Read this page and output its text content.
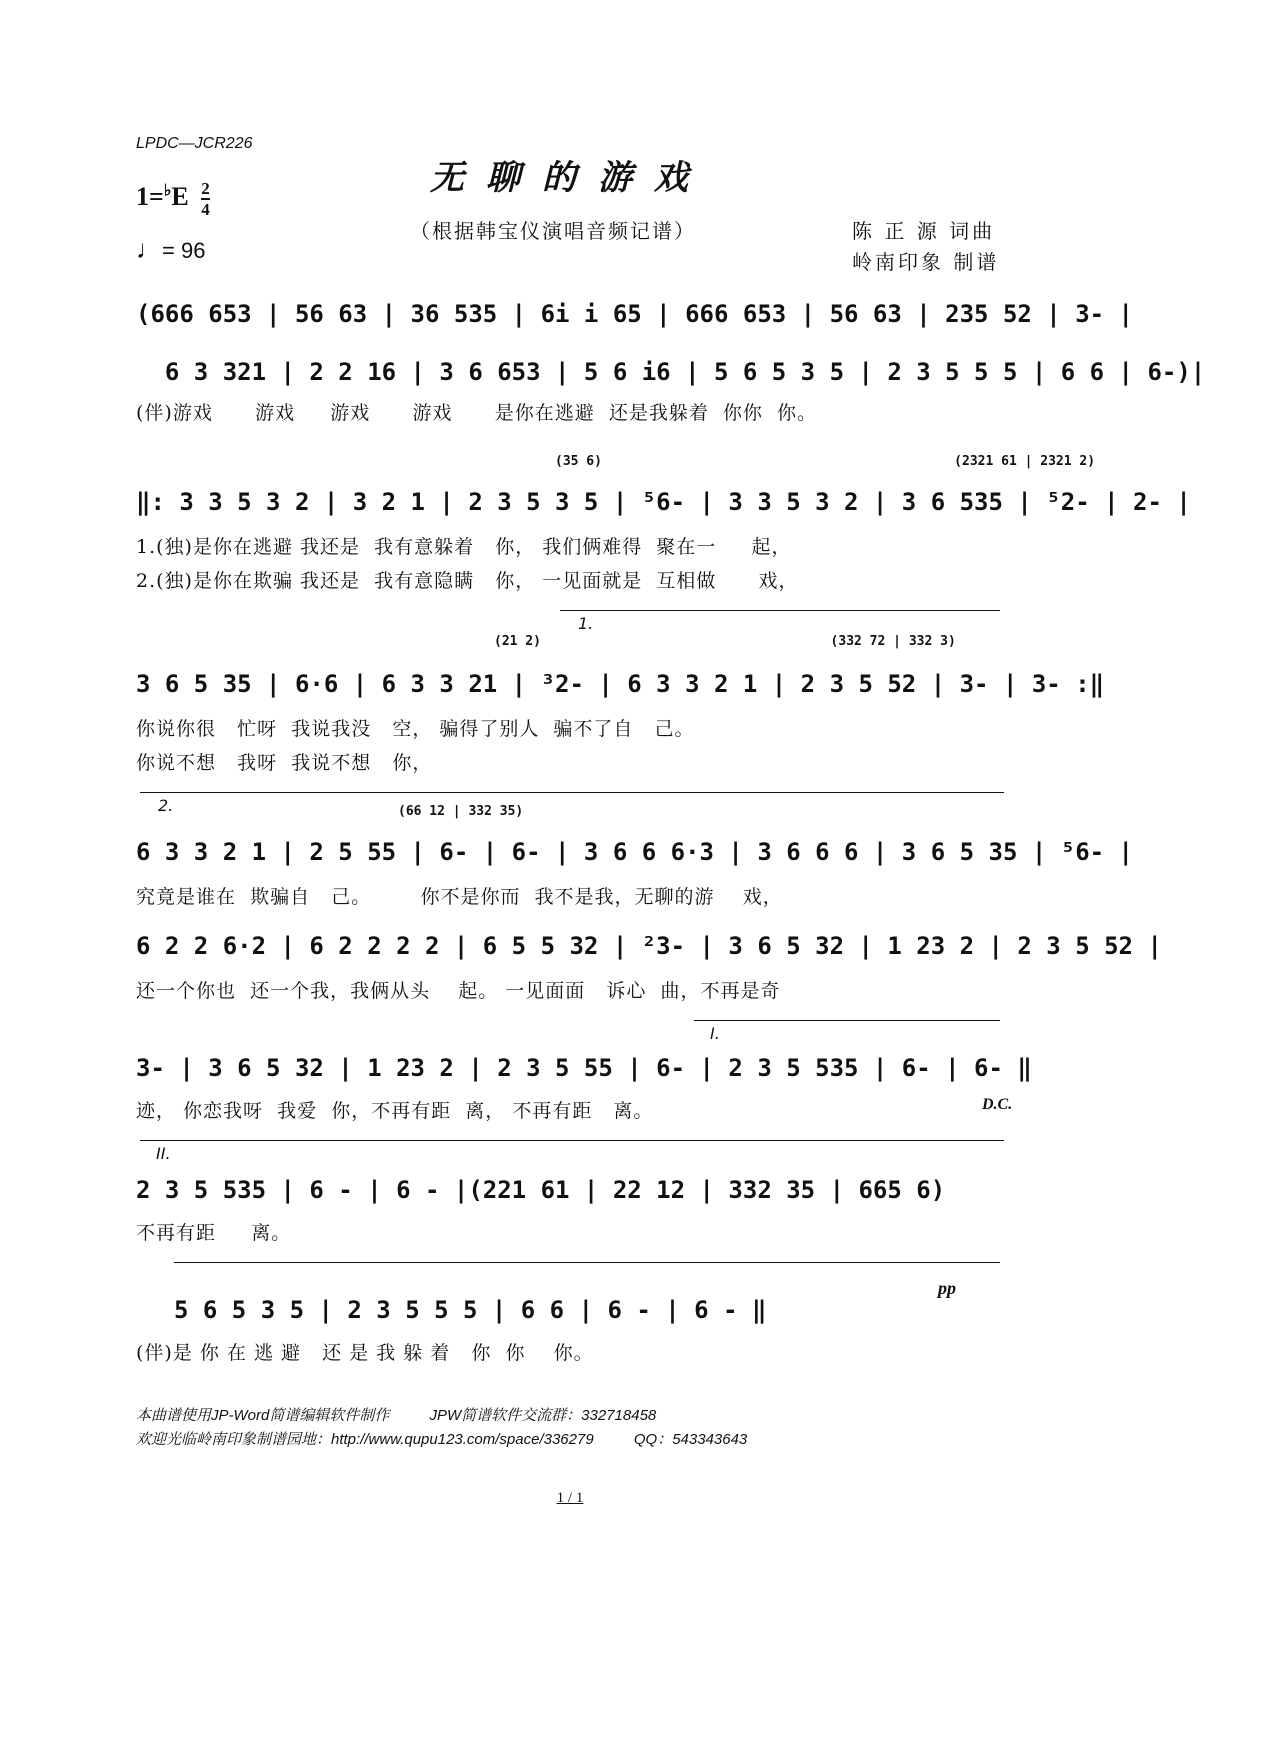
LPDC—JCR226
无聊的游戏
（根据韩宝仪演唱音频记谱）
$1=^♭E \frac{2}{4}$
♩= 96
陈 正 源 词曲
岭南印象 制谱
(666 653 | 56 63 | 36 535 | 6i i 65 | 666 653 | 56 63 | 235 52 | 3- |
6 3 321 | 2 2 16 | 3 6 653 | 5 6 i6 | 5 6 5 3 5 | 2 3 5 5 5 | 6 6 | 6-)|
(伴)游戏      游戏     游戏      游戏      是你在逃避  还是我躲着  你你  你。
(35 6)                                             (2321 61 | 2321 2)
‖: 3 3 5 3 2 | 3 2 1 | 2 3 5 3 5 | ⁵6- | 3 3 5 3 2 | 3 6 535 | ⁵2- | 2- |
1.(独)是你在逃避 我还是  我有意躲着   你， 我们俩难得  聚在一     起，
2.(独)是你在欺骗 我还是  我有意隐瞒   你， 一见面就是  互相做      戏，
1.
(21 2)                                     (332 72 | 332 3)
3 6 5 35 | 6·6 | 6 3 3 21 | ³2- | 6 3 3 2 1 | 2 3 5 52 | 3- | 3- :‖
你说你很   忙呀  我说我没   空， 骗得了别人  骗不了自   己。
你说不想   我呀  我说不想   你，
2.	(66 12 | 332 35)
6 3 3 2 1 | 2 5 55 | 6- | 6- | 3 6 6 6·3 | 3 6 6 6 | 3 6 5 35 | ⁵6- |
究竟是谁在  欺骗自   己。       你不是你而  我不是我，无聊的游    戏，
6 2 2 6·2 | 6 2 2 2 2 | 6 5 5 32 | ²3- | 3 6 5 32 | 1 23 2 | 2 3 5 52 |
还一个你也  还一个我，我俩从头    起。 一见面面   诉心  曲，不再是奇
I.
3- | 3 6 5 32 | 1 23 2 | 2 3 5 55 | 6- | 2 3 5 535 | 6- | 6- ‖
迹， 你恋我呀  我爱  你，不再有距  离， 不再有距   离。	D.C.
II.
2 3 5 535 | 6 - | 6 - |(221 61 | 22 12 | 332 35 | 665 6)
不再有距     离。
pp
5 6 5 3 5 | 2 3 5 5 5 | 6 6 | 6 - | 6 - ‖
(伴)是 你 在 逃 避   还 是 我 躲 着   你  你    你。
本曲谱使用JP-Word简谱编辑软件制作	JPW简谱软件交流群：332718458
欢迎光临岭南印象制谱园地：http://www.qupu123.com/space/336279	QQ：543343643
1 / 1
